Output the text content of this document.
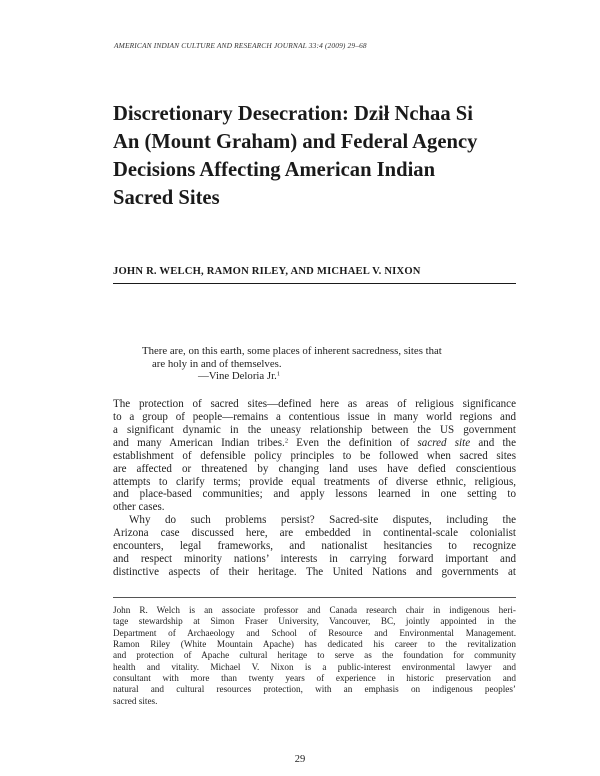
AMERICAN INDIAN CULTURE AND RESEARCH JOURNAL 33:4 (2009) 29–68
Discretionary Desecration: Dził Nchaa Si
An (Mount Graham) and Federal Agency
Decisions Affecting American Indian
Sacred Sites
JOHN R. WELCH, RAMON RILEY, AND MICHAEL V. NIXON
There are, on this earth, some places of inherent sacredness, sites that
are holy in and of themselves.
—Vine Deloria Jr.$^1$
The protection of sacred sites—defined here as areas of religious significance
to a group of people—remains a contentious issue in many world regions and
a significant dynamic in the uneasy relationship between the US government
and many American Indian tribes.$^2$ Even the definition of sacred site and the
establishment of defensible policy principles to be followed when sacred sites
are affected or threatened by changing land uses have defied conscientious
attempts to clarify terms; provide equal treatments of diverse ethnic, religious,
and place-based communities; and apply lessons learned in one setting to
other cases.
Why do such problems persist? Sacred-site disputes, including the
Arizona case discussed here, are embedded in continental-scale colonialist
encounters, legal frameworks, and nationalist hesitancies to recognize
and respect minority nations’ interests in carrying forward important and
distinctive aspects of their heritage. The United Nations and governments at
John R. Welch is an associate professor and Canada research chair in indigenous heri-
tage stewardship at Simon Fraser University, Vancouver, BC, jointly appointed in the
Department of Archaeology and School of Resource and Environmental Management.
Ramon Riley (White Mountain Apache) has dedicated his career to the revitalization
and protection of Apache cultural heritage to serve as the foundation for community
health and vitality. Michael V. Nixon is a public-interest environmental lawyer and
consultant with more than twenty years of experience in historic preservation and
natural and cultural resources protection, with an emphasis on indigenous peoples’
sacred sites.
29
